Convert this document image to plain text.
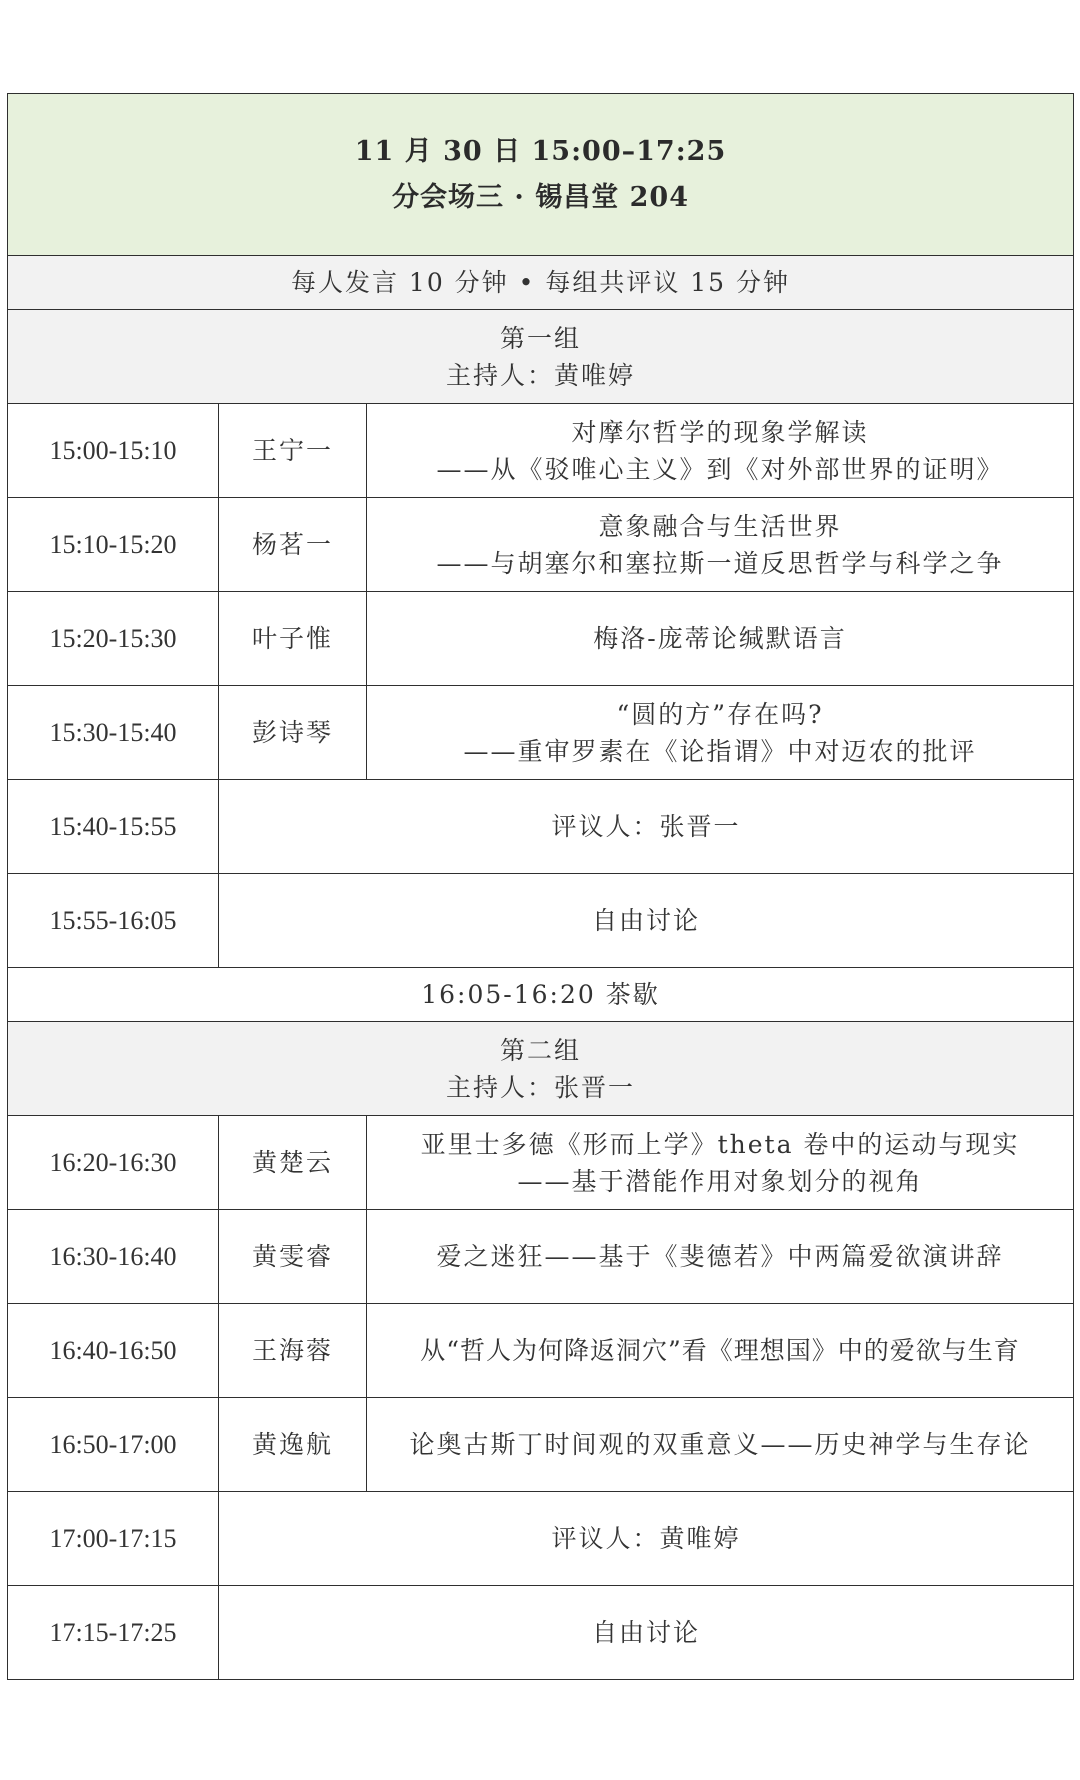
11 月 30 日 15:00–17:25
分会场三 · 锡昌堂 204		

每人发言 10 分钟 • 每组共评议 15 分钟		

第一组
主持人：黄唯婷		

15:00-15:10	王宁一	对摩尔哲学的现象学解读
——从《驳唯心主义》到《对外部世界的证明》

15:10-15:20	杨茗一	意象融合与生活世界
——与胡塞尔和塞拉斯一道反思哲学与科学之争

15:20-15:30	叶子惟	梅洛-庞蒂论缄默语言

15:30-15:40	彭诗琴	“圆的方”存在吗?
——重审罗素在《论指谓》中对迈农的批评

15:40-15:55	评议人：张晋一	
15:55-16:05	自由讨论	
16:05-16:20 茶歇		

第二组
主持人：张晋一		

16:20-16:30	黄楚云	亚里士多德《形而上学》theta 卷中的运动与现实
——基于潜能作用对象划分的视角

16:30-16:40	黄雯睿	爱之迷狂——基于《斐德若》中两篇爱欲演讲辞

16:40-16:50	王海蓉	从“哲人为何降返洞穴”看《理想国》中的爱欲与生育

16:50-17:00	黄逸航	论奥古斯丁时间观的双重意义——历史神学与生存论

17:00-17:15	评议人：黄唯婷	
17:15-17:25	自由讨论	
